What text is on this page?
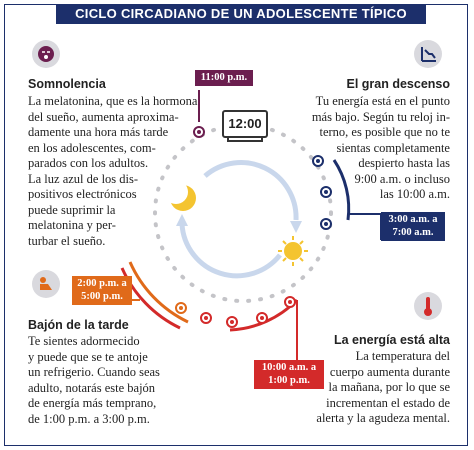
CICLO CIRCADIANO DE UN ADOLESCENTE TÍPICO
12:00
Somnolencia
La melatonina, que es la hormona
del sueño, aumenta aproxima-
damente una hora más tarde
en los adolescentes, com-
parados con los adultos.
La luz azul de los dis-
positivos electrónicos
puede suprimir la
melatonina y per-
turbar el sueño.
El gran descenso
Tu energía está en el punto
más bajo. Según tu reloj in-
terno, es posible que no te
sientas completamente
despierto hasta las
9:00 a.m. o incluso
las 10:00 a.m.
Bajón de la tarde
Te sientes adormecido
y puede que se te antoje
un refrigerio. Cuando seas
adulto, notarás este bajón
de energía más temprano,
de 1:00 p.m. a 3:00 p.m.
La energía está alta
La temperatura del
cuerpo aumenta durante
la mañana, por lo que se
incrementan el estado de
alerta y la agudeza mental.
11:00 p.m.
3:00 a.m. a
7:00 a.m.
10:00 a.m. a
1:00 p.m.
2:00 p.m. a
5:00 p.m.
